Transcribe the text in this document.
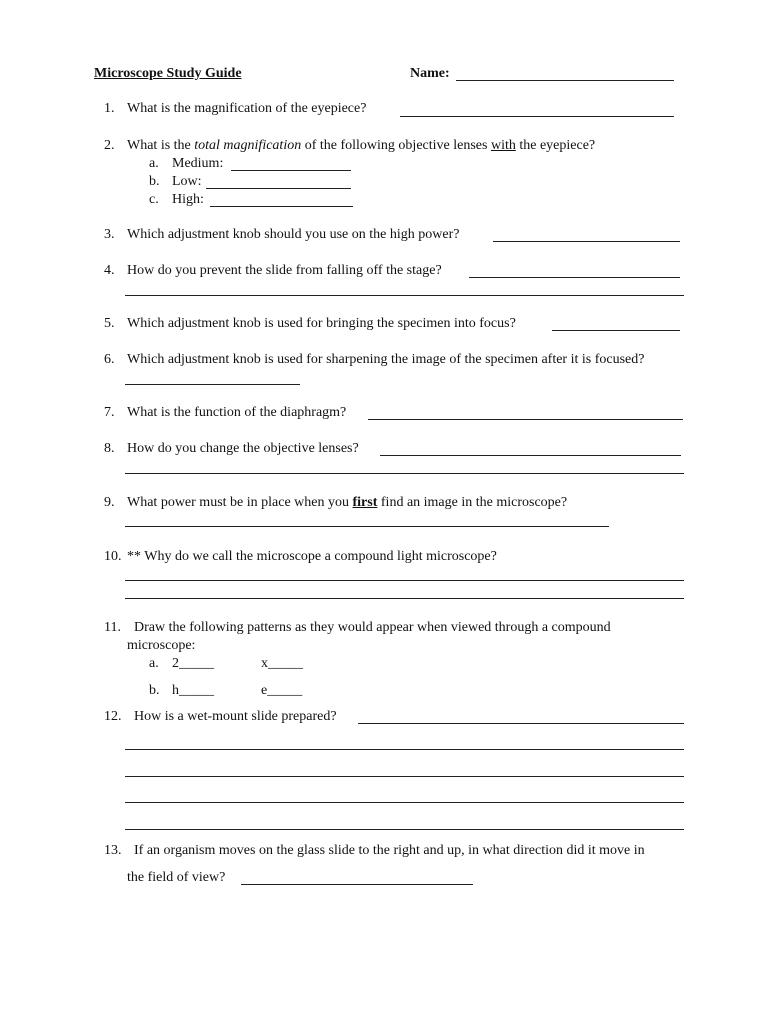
Microscope Study Guide	Name:
1. What is the magnification of the eyepiece?
2. What is the total magnification of the following objective lenses with the eyepiece?
a. Medium:
b. Low:
c. High:
3. Which adjustment knob should you use on the high power?
4. How do you prevent the slide from falling off the stage?
5. Which adjustment knob is used for bringing the specimen into focus?
6. Which adjustment knob is used for sharpening the image of the specimen after it is focused?
7. What is the function of the diaphragm?
8. How do you change the objective lenses?
9. What power must be in place when you first find an image in the microscope?
10. ** Why do we call the microscope a compound light microscope?
11. Draw the following patterns as they would appear when viewed through a compound
microscope:
a. 2_____	x_____
b. h_____	e_____
12. How is a wet-mount slide prepared?
13. If an organism moves on the glass slide to the right and up, in what direction did it move in
the field of view?
